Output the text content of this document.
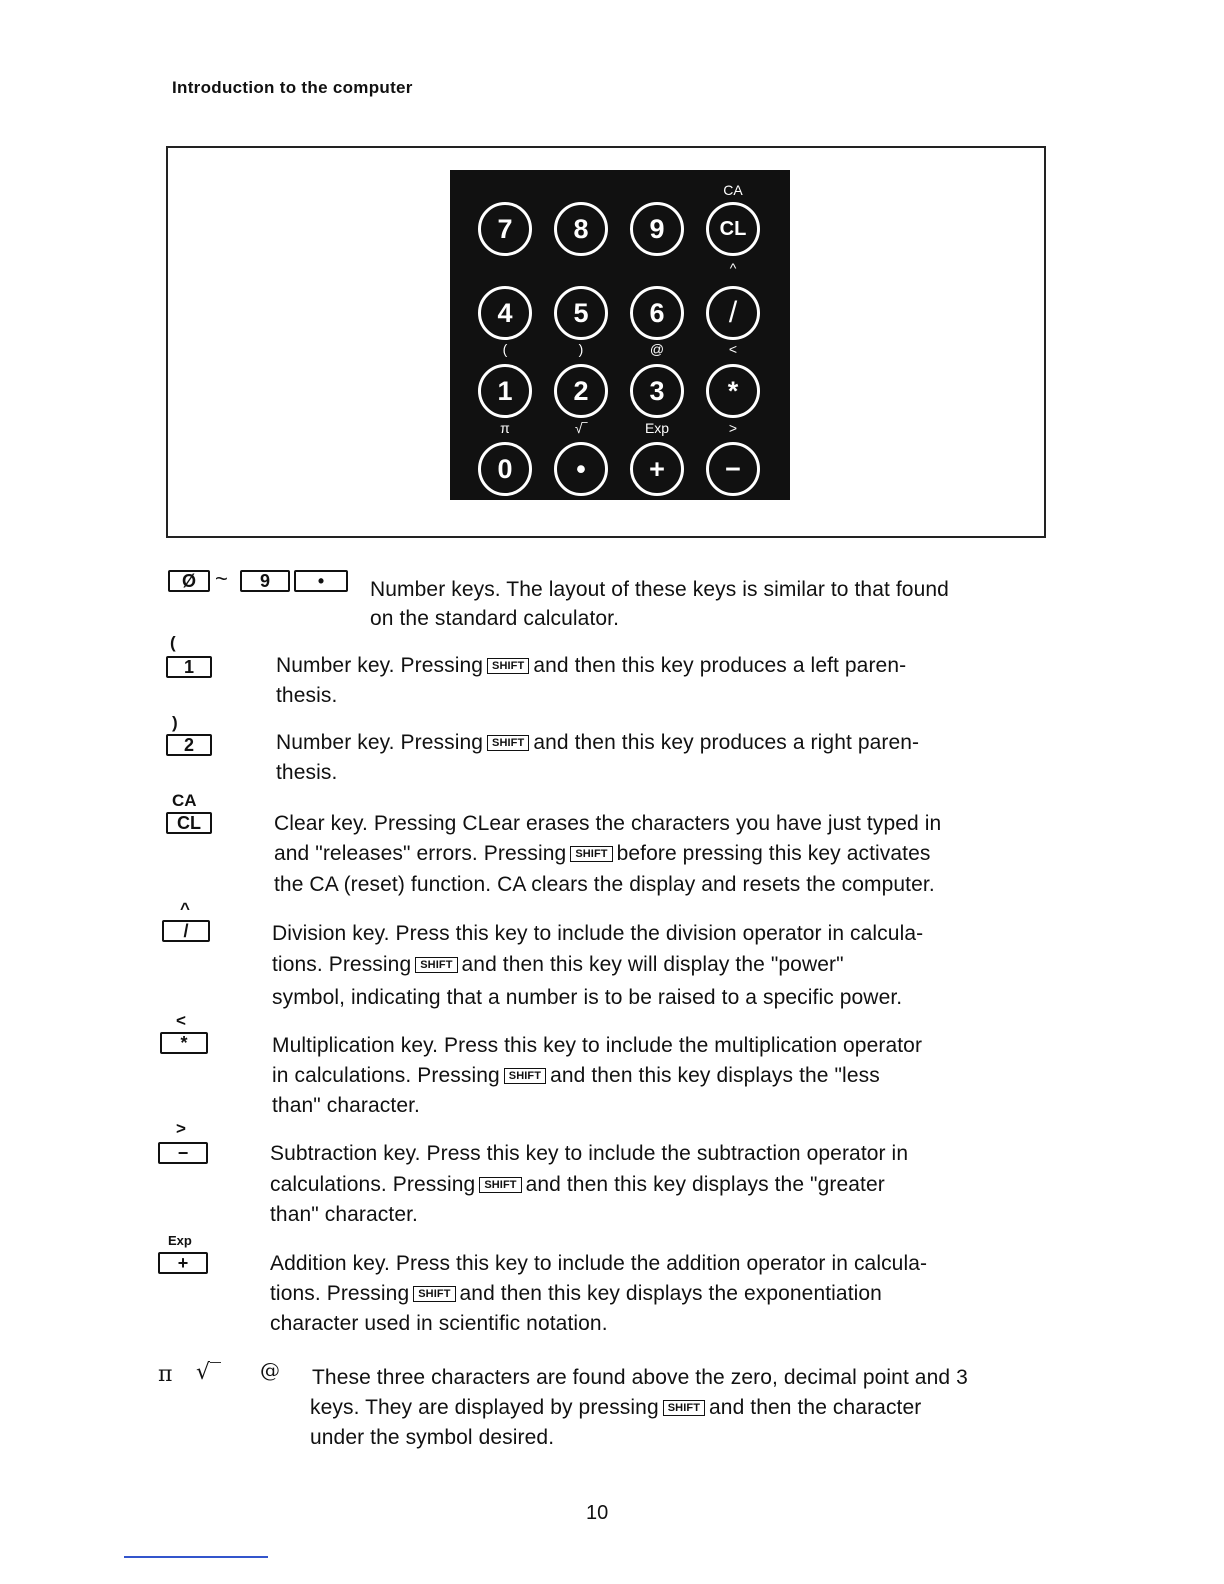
Introduction to the computer
CA
7	8	9	CL
^
4	5	6	/
(	)	@	<
1	2	3	*
π	√‾	Exp	>
0	•	+	−
Ø ~	9	•	Number keys. The layout of these keys is similar to that found
on the standard calculator.
(
1	Number key. Pressing SHIFT and then this key produces a left paren-
thesis.
)
2	Number key. Pressing SHIFT and then this key produces a right paren-
thesis.
CA
CL	Clear key. Pressing CLear erases the characters you have just typed in
and "releases" errors. Pressing SHIFT before pressing this key activates
the CA (reset) function. CA clears the display and resets the computer.
^
/	Division key. Press this key to include the division operator in calcula-
tions. Pressing SHIFT and then this key will display the "power"
symbol, indicating that a number is to be raised to a specific power.
<
*	Multiplication key. Press this key to include the multiplication operator
in calculations. Pressing SHIFT and then this key displays the "less
than" character.
>
−	Subtraction key. Press this key to include the subtraction operator in
calculations. Pressing SHIFT and then this key displays the "greater
than" character.
Exp
+	Addition key. Press this key to include the addition operator in calcula-
tions. Pressing SHIFT and then this key displays the exponentiation
character used in scientific notation.
π √‾ @ These three characters are found above the zero, decimal point and 3
keys. They are displayed by pressing SHIFT and then the character
under the symbol desired.
10
